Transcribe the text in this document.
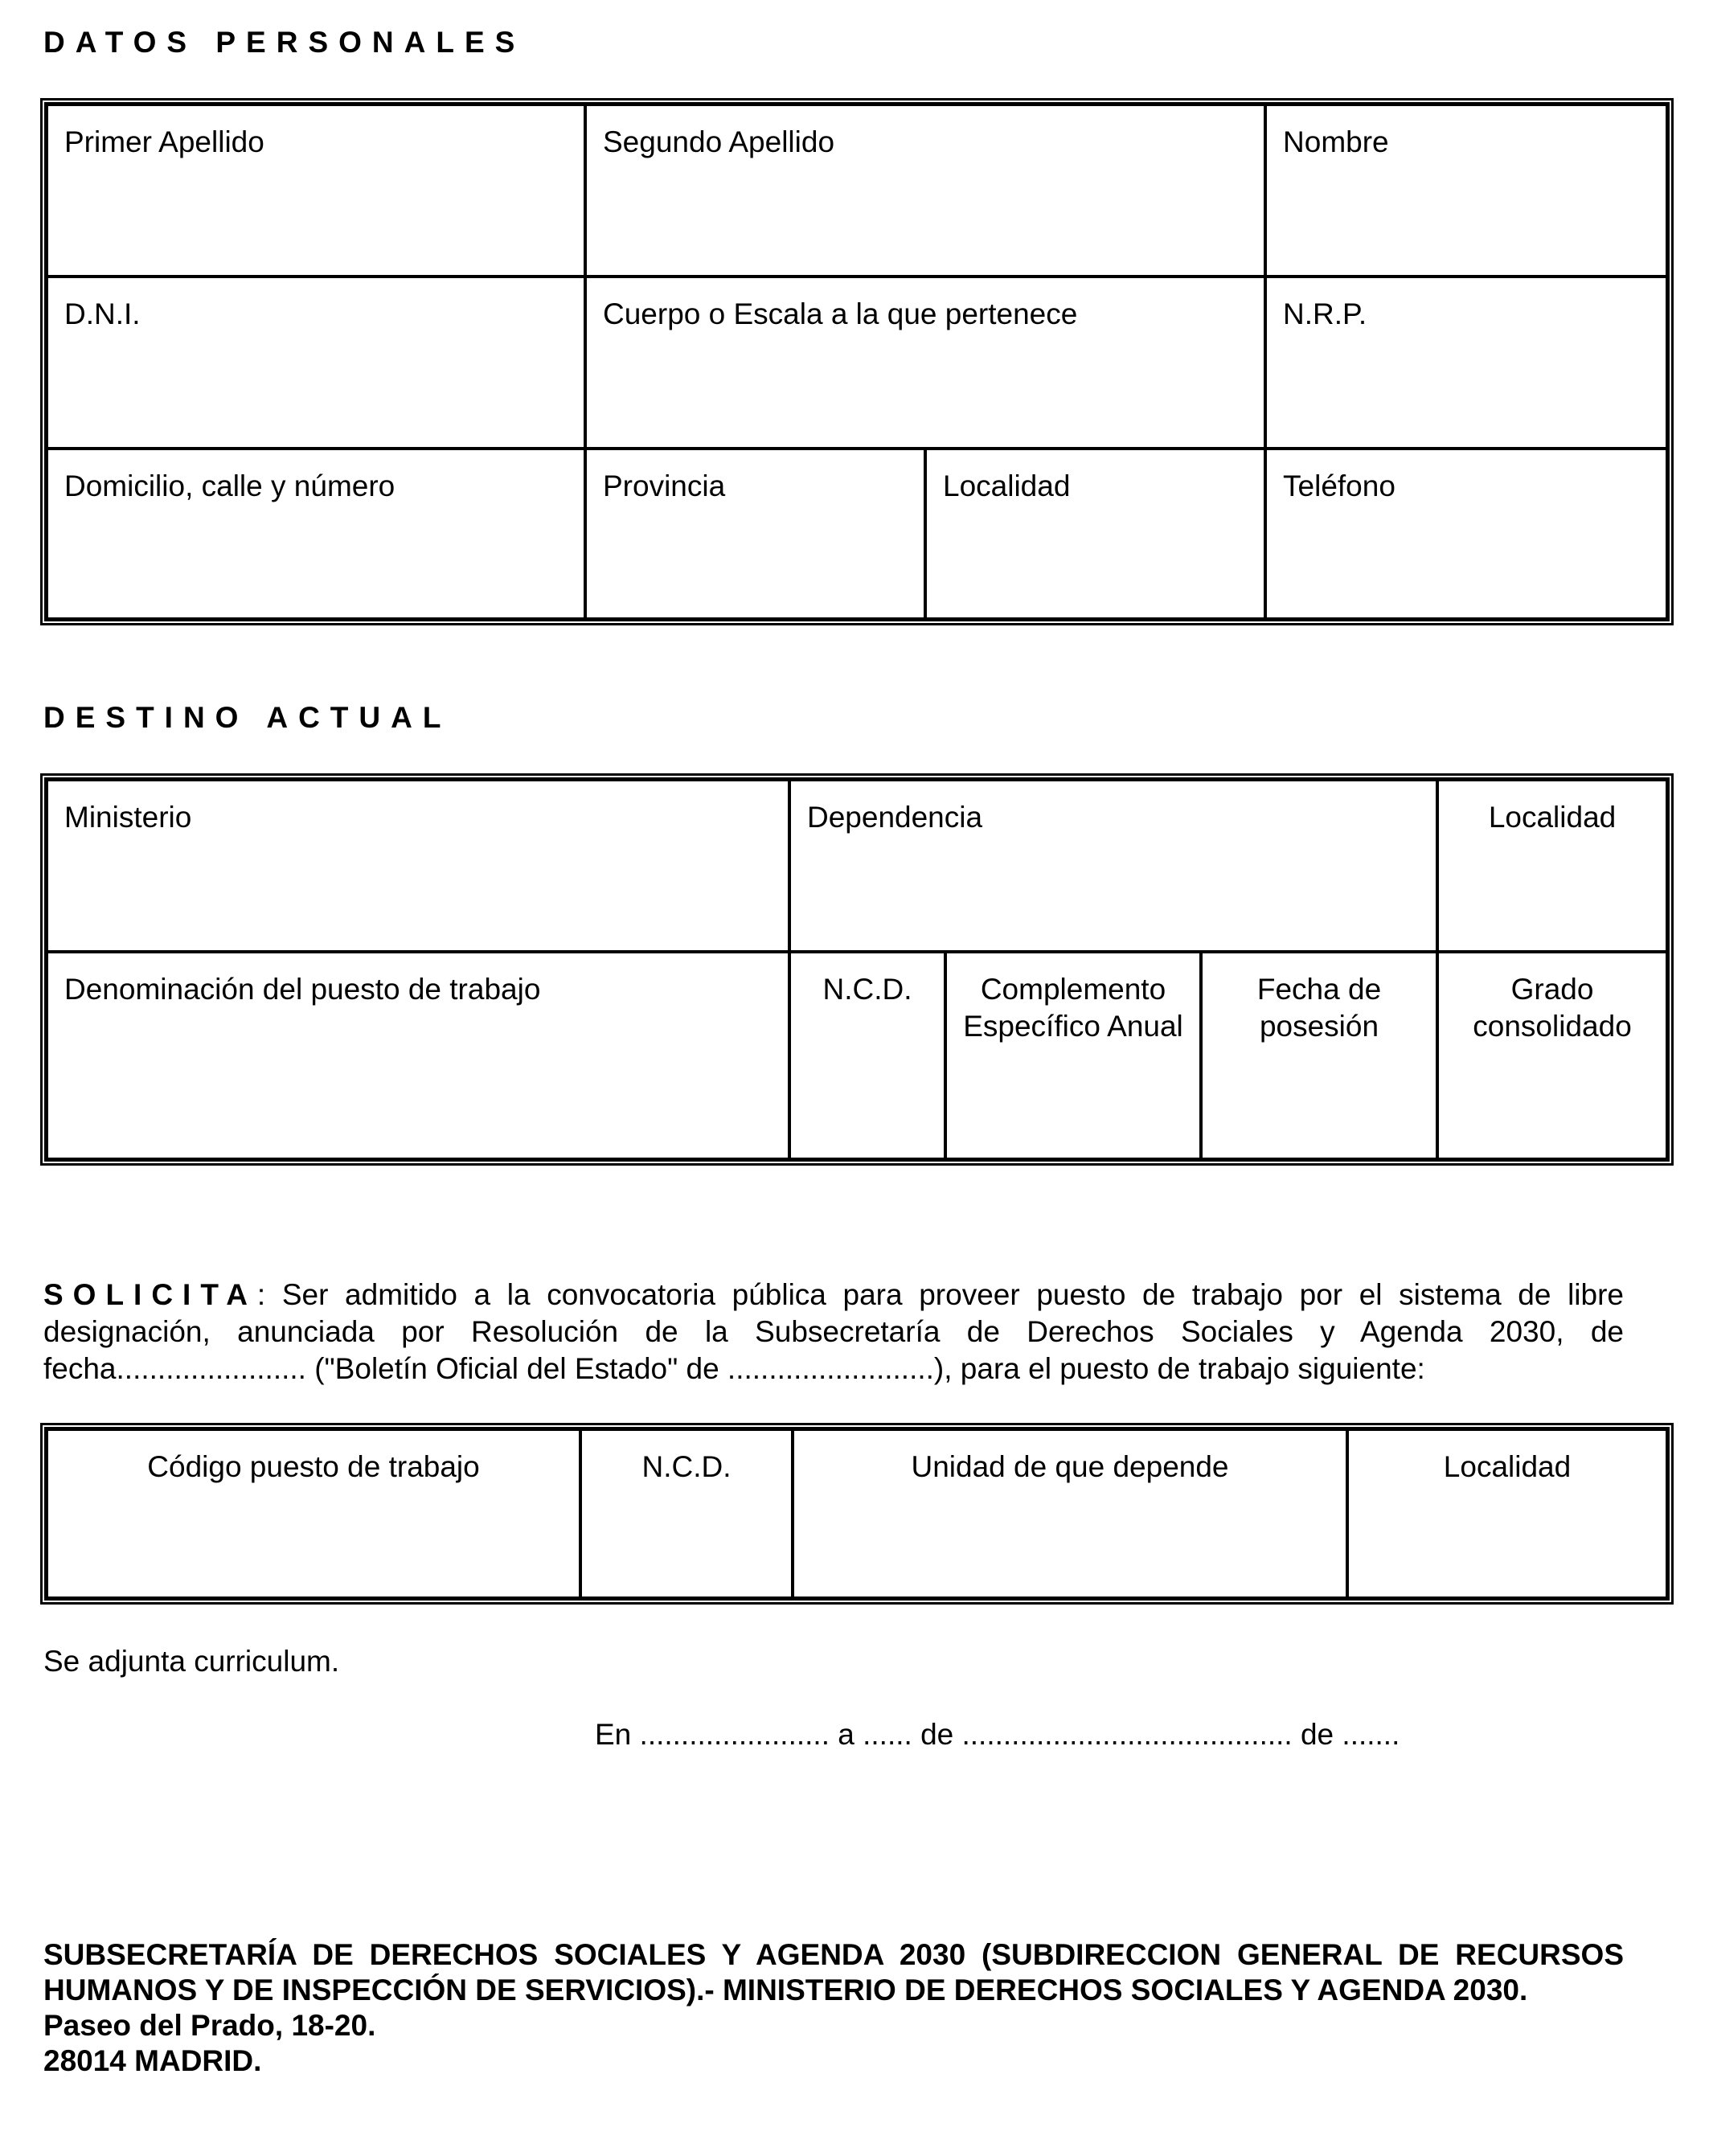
DATOS PERSONALES
Primer Apellido	Segundo Apellido		Nombre
D.N.I.	Cuerpo o Escala a la que pertenece		N.R.P.
Domicilio, calle y número	Provincia	Localidad	Teléfono
DESTINO ACTUAL
Ministerio	Dependencia			Localidad
Denominación del puesto de trabajo	N.C.D.	Complemento Específico Anual	Fecha de posesión	Grado consolidado

SOLICITA: Ser admitido a la convocatoria pública para proveer puesto de trabajo por el sistema de libre designación, anunciada por Resolución de la Subsecretaría de Derechos Sociales y Agenda 2030, de fecha....................... ("Boletín Oficial del Estado" de .........................), para el puesto de trabajo siguiente:

Código puesto de trabajo	N.C.D.	Unidad de que depende	Localidad

Se adjunta curriculum.

En ....................... a ...... de ........................................ de .......

SUBSECRETARÍA DE DERECHOS SOCIALES Y AGENDA 2030 (SUBDIRECCION GENERAL DE RECURSOS HUMANOS Y DE INSPECCIÓN DE SERVICIOS).- MINISTERIO DE DERECHOS SOCIALES Y AGENDA 2030.
Paseo del Prado, 18-20.
28014 MADRID.
